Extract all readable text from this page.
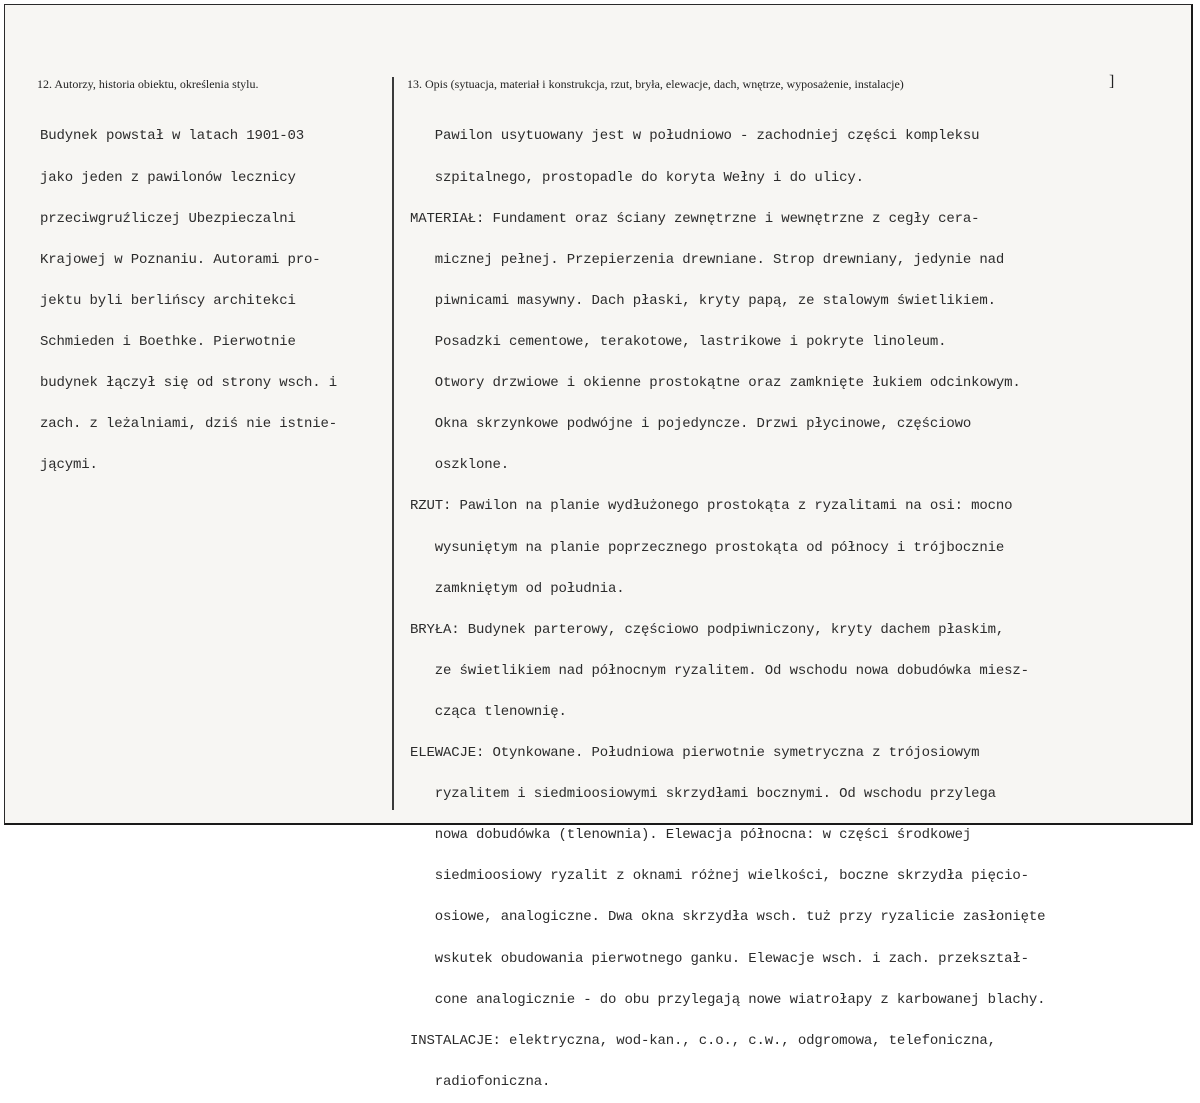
12. Autorzy, historia obiektu, określenia stylu.	13. Opis (sytuacja, materiał i konstrukcja, rzut, bryła, elewacje, dach, wnętrze, wyposażenie, instalacje)	]

Budynek powstał w latach 1901-03

jako jeden z pawilonów lecznicy

przeciwgruźliczej Ubezpieczalni

Krajowej w Poznaniu. Autorami pro-

jektu byli berlińscy architekci

Schmieden i Boethke. Pierwotnie

budynek łączył się od strony wsch. i

zach. z leżalniami, dziś nie istnie-

jącymi.

Pawilon usytuowany jest w południowo - zachodniej części kompleksu

szpitalnego, prostopadle do koryta Wełny i do ulicy.

MATERIAŁ: Fundament oraz ściany zewnętrzne i wewnętrzne z cegły cera-

micznej pełnej. Przepierzenia drewniane. Strop drewniany, jedynie nad

piwnicami masywny. Dach płaski, kryty papą, ze stalowym świetlikiem.

Posadzki cementowe, terakotowe, lastrikowe i pokryte linoleum.

Otwory drzwiowe i okienne prostokątne oraz zamknięte łukiem odcinkowym.

Okna skrzynkowe podwójne i pojedyncze. Drzwi płycinowe, częściowo

oszklone.

RZUT: Pawilon na planie wydłużonego prostokąta z ryzalitami na osi: mocno

wysuniętym na planie poprzecznego prostokąta od północy i trójbocznie

zamkniętym od południa.

BRYŁA: Budynek parterowy, częściowo podpiwniczony, kryty dachem płaskim,

ze świetlikiem nad północnym ryzalitem. Od wschodu nowa dobudówka miesz-

cząca tlenownię.

ELEWACJE: Otynkowane. Południowa pierwotnie symetryczna z trójosiowym

ryzalitem i siedmioosiowymi skrzydłami bocznymi. Od wschodu przylega

nowa dobudówka (tlenownia). Elewacja północna: w części środkowej

siedmioosiowy ryzalit z oknami różnej wielkości, boczne skrzydła pięcio-

osiowe, analogiczne. Dwa okna skrzydła wsch. tuż przy ryzalicie zasłonięte

wskutek obudowania pierwotnego ganku. Elewacje wsch. i zach. przekształ-

cone analogicznie - do obu przylegają nowe wiatrołapy z karbowanej blachy.

INSTALACJE: elektryczna, wod-kan., c.o., c.w., odgromowa, telefoniczna,

radiofoniczna.
